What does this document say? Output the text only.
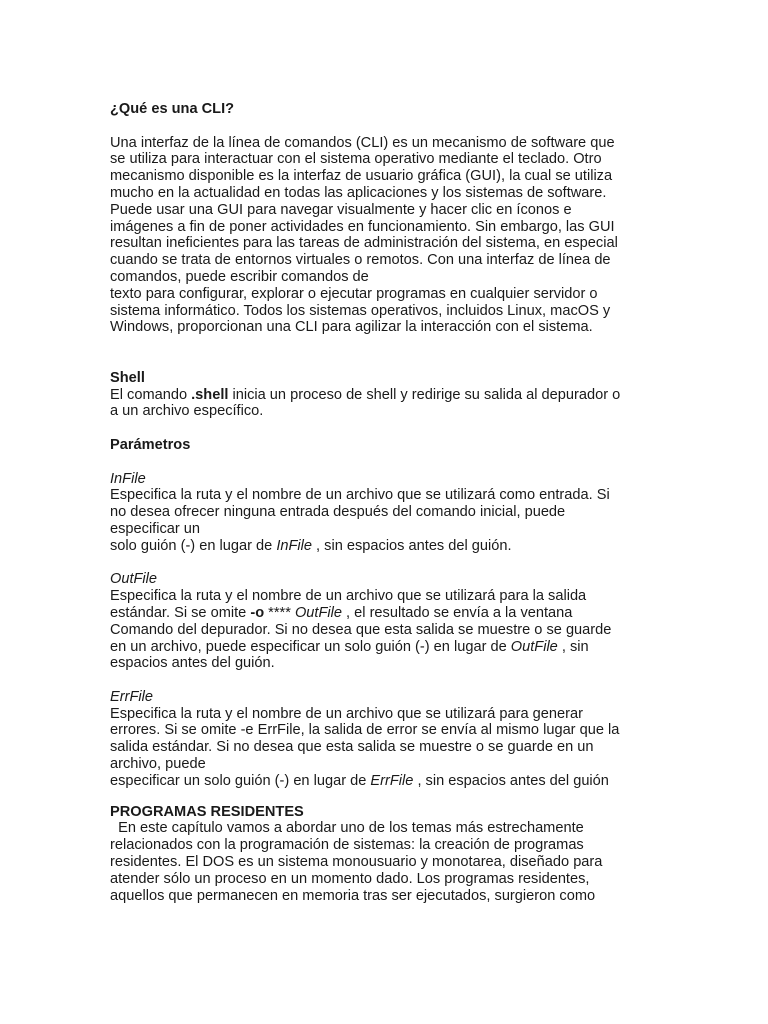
¿Qué es una CLI?
Una interfaz de la línea de comandos (CLI) es un mecanismo de software que
se utiliza para interactuar con el sistema operativo mediante el teclado. Otro
mecanismo disponible es la interfaz de usuario gráfica (GUI), la cual se utiliza
mucho en la actualidad en todas las aplicaciones y los sistemas de software.
Puede usar una GUI para navegar visualmente y hacer clic en íconos e
imágenes a fin de poner actividades en funcionamiento. Sin embargo, las GUI
resultan ineficientes para las tareas de administración del sistema, en especial
cuando se trata de entornos virtuales o remotos. Con una interfaz de línea de
comandos, puede escribir comandos de
texto para configurar, explorar o ejecutar programas en cualquier servidor o
sistema informático. Todos los sistemas operativos, incluidos Linux, macOS y
Windows, proporcionan una CLI para agilizar la interacción con el sistema.
Shell
El comando .shell inicia un proceso de shell y redirige su salida al depurador o
a un archivo específico.
Parámetros
InFile
Especifica la ruta y el nombre de un archivo que se utilizará como entrada. Si
no desea ofrecer ninguna entrada después del comando inicial, puede
especificar un
solo guión (-) en lugar de InFile , sin espacios antes del guión.
OutFile
Especifica la ruta y el nombre de un archivo que se utilizará para la salida
estándar. Si se omite -o **** OutFile , el resultado se envía a la ventana
Comando del depurador. Si no desea que esta salida se muestre o se guarde
en un archivo, puede especificar un solo guión (-) en lugar de OutFile , sin
espacios antes del guión.
ErrFile
Especifica la ruta y el nombre de un archivo que se utilizará para generar
errores. Si se omite -e ErrFile, la salida de error se envía al mismo lugar que la
salida estándar. Si no desea que esta salida se muestre o se guarde en un
archivo, puede
especificar un solo guión (-) en lugar de ErrFile , sin espacios antes del guión
PROGRAMAS RESIDENTES
En este capítulo vamos a abordar uno de los temas más estrechamente
relacionados con la programación de sistemas: la creación de programas
residentes. El DOS es un sistema monousuario y monotarea, diseñado para
atender sólo un proceso en un momento dado. Los programas residentes,
aquellos que permanecen en memoria tras ser ejecutados, surgieron como
